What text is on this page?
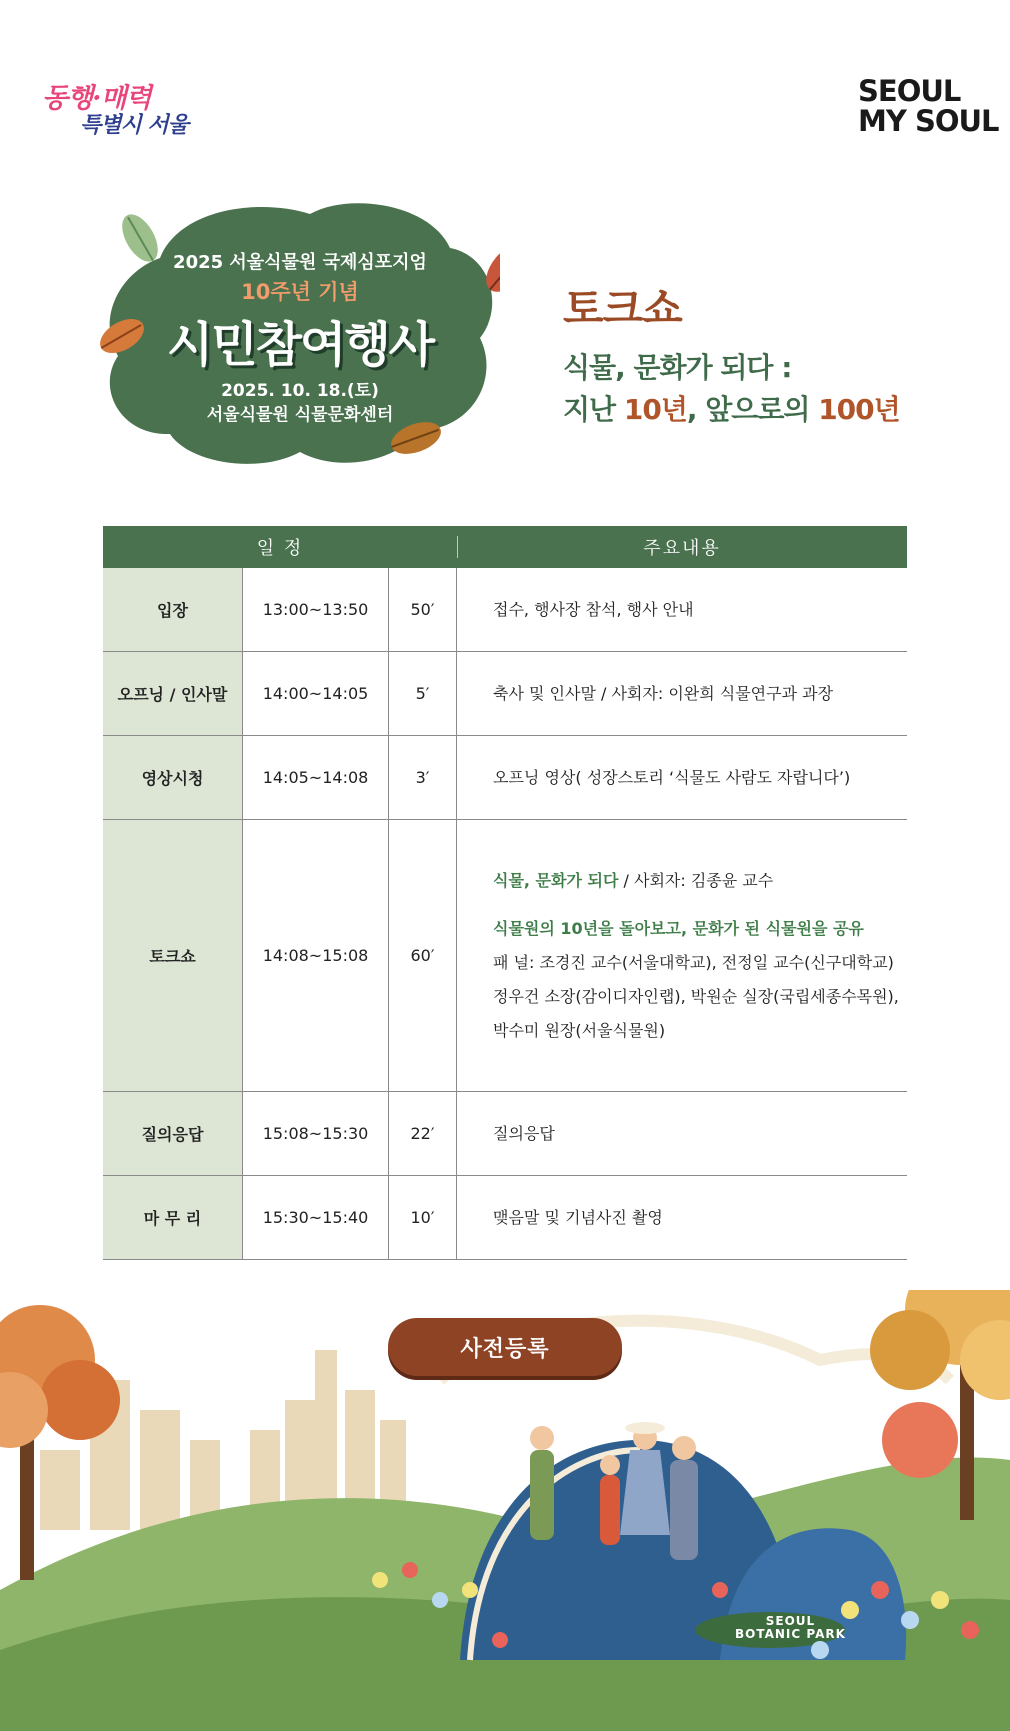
동행·매력
특별시 서울
SEOUL
MY SOUL
2025 서울식물원 국제심포지엄
10주년 기념
시민참여행사
2025. 10. 18.(토)
서울식물원 식물문화센터
토크쇼
식물, 문화가 되다 :
지난 10년, 앞으로의 100년
일 정	주요내용
입장	13:00~13:50	50′	접수, 행사장 참석, 행사 안내
오프닝 / 인사말	14:00~14:05	5′	축사 및 인사말 / 사회자: 이완희 식물연구과 과장
영상시청	14:05~14:08	3′	오프닝 영상( 성장스토리 ‘식물도 사람도 자랍니다’)
토크쇼	14:08~15:08	60′
식물, 문화가 되다 / 사회자: 김종윤 교수
식물원의 10년을 돌아보고, 문화가 된 식물원을 공유
패 널: 조경진 교수(서울대학교), 전정일 교수(신구대학교)
정우건 소장(감이디자인랩), 박원순 실장(국립세종수목원),
박수미 원장(서울식물원)
질의응답	15:08~15:30	22′	질의응답
마 무 리	15:30~15:40	10′	맺음말 및 기념사진 촬영
SEOUL
BOTANIC PARK
사전등록
